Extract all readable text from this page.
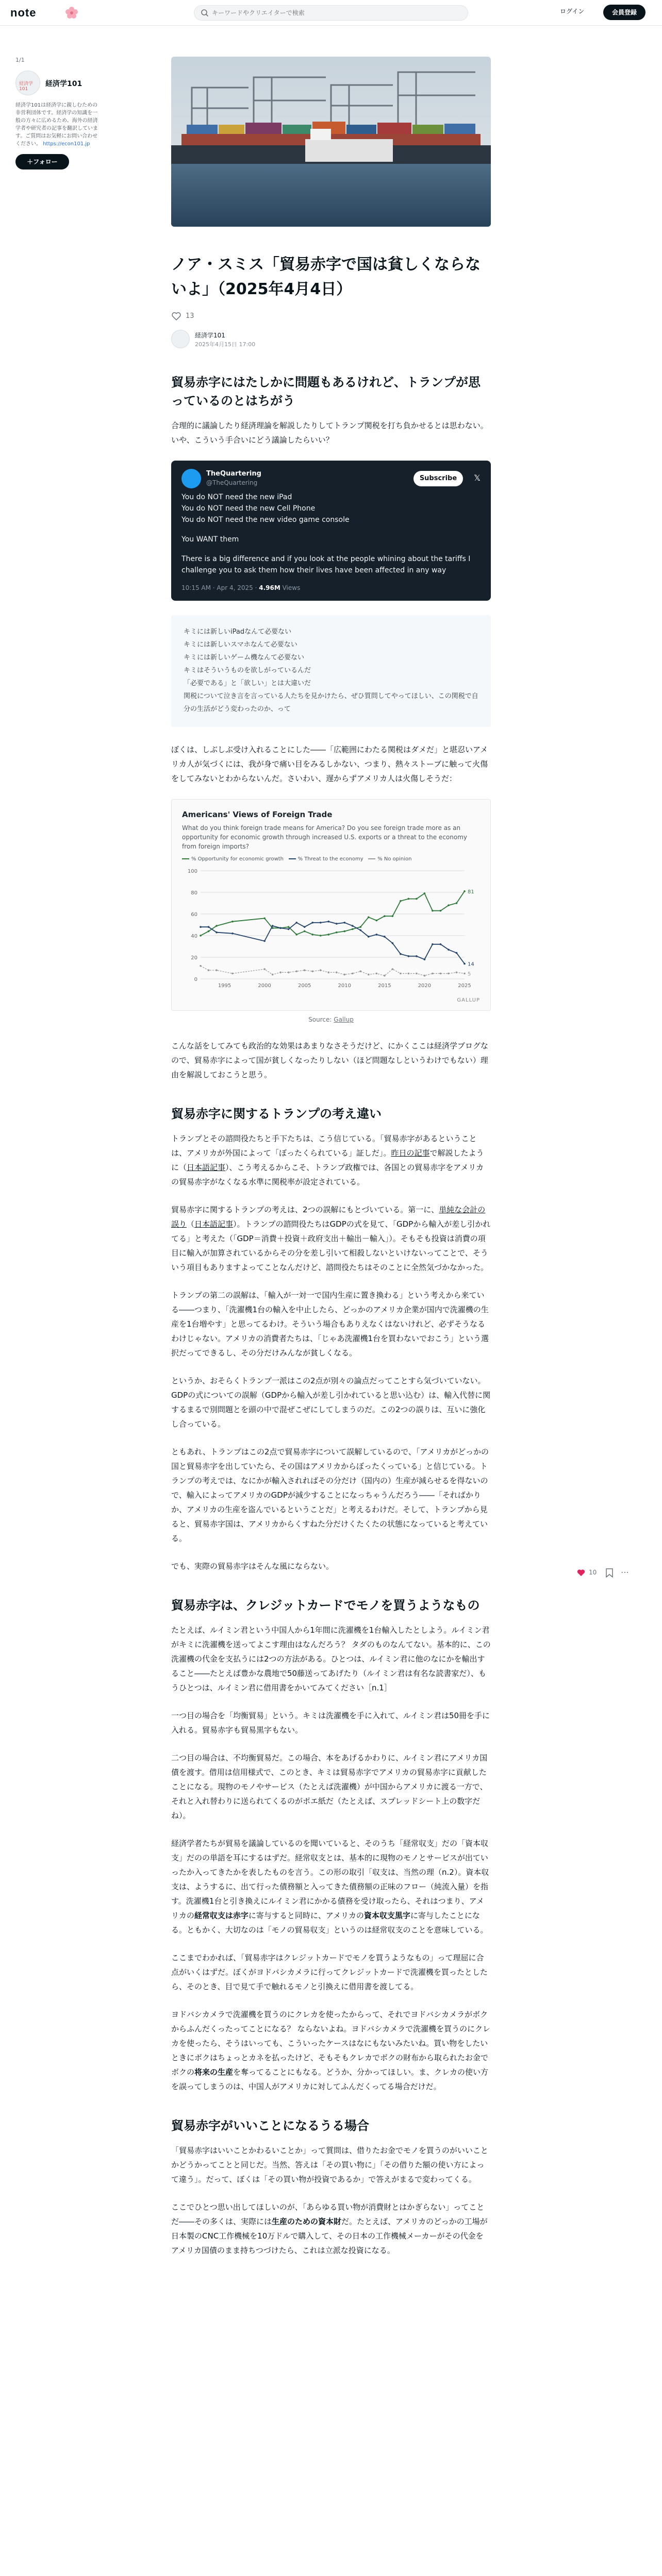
note
キーワードやクリエイターで検索	ログイン	会員登録
1/1
経済学101
経済学101
経済学101は経済学に親しむための非営利団体です。経済学の知識を一般の方々に広めるため、海外の経済学者や研究者の記事を翻訳しています。ご質問はお気軽にお問い合わせください。 https://econ101.jp
＋フォロー
ノア・スミス「貿易赤字で国は貧しくならないよ」（2025年4月4日）
13
経済学101
2025年4月15日 17:00
貿易赤字にはたしかに問題もあるけれど、トランプが思っているのとはちがう

合理的に議論したり経済理論を解説したりしてトランプ関税を打ち負かせるとは思わない。いや、こういう手合いにどう議論したらいい？

TheQuartering
@TheQuartering
Subscribe	𝕏
You do NOT need the new iPad
You do NOT need the new Cell Phone
You do NOT need the new video game console
You WANT them
There is a big difference and if you look at the people whining about the tariffs I challenge you to ask them how their lives have been affected in any way
10:15 AM · Apr 4, 2025 · 4.96M Views
キミには新しいiPadなんて必要ない
キミには新しいスマホなんて必要ない
キミには新しいゲーム機なんて必要ない
キミはそういうものを欲しがっているんだ
「必要である」と「欲しい」とは大違いだ
関税について泣き言を言っている人たちを見かけたら、ぜひ質問してやってほしい、この関税で自分の生活がどう変わったのか、って

ぼくは、しぶしぶ受け入れることにした――「広範囲にわたる関税はダメだ」と堪忍いアメリカ人が気づくには、我が身で痛い目をみるしかない、つまり、熱々ストーブに触って火傷をしてみないとわからないんだ。さいわい、遅からずアメリカ人は火傷しそうだ：

Americans' Views of Foreign Trade
What do you think foreign trade means for America? Do you see foreign trade more as an opportunity for economic growth through increased U.S. exports or a threat to the economy from foreign imports?
% Opportunity for economic growth	% Threat to the economy	% No opinion
0
20
40
60
80
100
1995	2000	2005	2010	2015	2020	2025
81
14
5
GALLUP
Source: Gallup

こんな話をしてみても政治的な効果はあまりなさそうだけど、にかくここは経済学ブログなので、貿易赤字によって国が貧しくなったりしない（ほど問題なしというわけでもない）理由を解説しておこうと思う。

貿易赤字に関するトランプの考え違い

トランプとその諮問役たちと手下たちは、こう信じている。「貿易赤字があるということは、アメリカが外国によって「ぼったくられている」証しだ」。昨日の記事で解説したように（日本語記事）、こう考えるからこそ、トランプ政権では、各国との貿易赤字をアメリカの貿易赤字がなくなる水準に関税率が設定されている。

貿易赤字に関するトランプの考えは、2つの誤解にもとづいている。第一に、単純な会計の誤り（日本語記事）。トランプの諮問役たちはGDPの式を見て、「GDPから輸入が差し引かれてる」と考えた（「GDP＝消費＋投資＋政府支出＋輸出－輸入」）。そもそも投資は消費の項目に輸入が加算されているからその分を差し引いて相殺しないといけないってことで、そういう項目もありますよってことなんだけど、諮問役たちはそのことに全然気づかなかった。

トランプの第二の誤解は、「輸入が一対一で国内生産に置き換わる」という考えから来ている――つまり、「洗濯機1台の輸入を中止したら、どっかのアメリカ企業が国内で洗濯機の生産を1台増やす」と思ってるわけ。そういう場合もありえなくはないけれど、必ずそうなるわけじゃない。アメリカの消費者たちは、「じゃあ洗濯機1台を買わないでおこう」という選択だってできるし、その分だけみんなが貧しくなる。

というか、おそらくトランプ一派はこの2点が別々の論点だってことすら気づいていない。GDPの式についての誤解（GDPから輸入が差し引かれていると思い込む）は、輸入代替に関するまるで別問題とを頭の中で混ぜこぜにしてしまうのだ。この2つの誤りは、互いに強化し合っている。

ともあれ、トランプはこの2点で貿易赤字について誤解しているので、「アメリカがどっかの国と貿易赤字を出していたら、その国はアメリカからぼったくっている」と信じている。トランプの考えでは、なにかが輸入されればその分だけ（国内の）生産が減らせるを得ないので、輸入によってアメリカのGDPが減少することになっちゃうんだろう――「そればかりか、アメリカの生産を盗んでいるということだ」と考えるわけだ。そして、トランプから見ると、貿易赤字国は、アメリカからくすねた分だけくたくたの状態になっていると考えている。

でも、実際の貿易赤字はそんな風にならない。

貿易赤字は、クレジットカードでモノを買うようなもの

たとえば、ルイミン君という中国人から1年間に洗濯機を1台輸入したとしよう。ルイミン君がキミに洗濯機を送ってよこす理由はなんだろう？ タダのものなんてない。基本的に、この洗濯機の代金を支払うには2つの方法がある。ひとつは、ルイミン君に他のなにかを輸出すること――たとえば豊かな農地で50藤送ってあげたり（ルイミン君は有名な読書家だ）、もうひとつは、ルイミン君に借用書をかいてみてください［n.1］

一つ目の場合を「均衡貿易」という。キミは洗濯機を手に入れて、ルイミン君は50冊を手に入れる。貿易赤字も貿易黒字もない。

二つ目の場合は、不均衡貿易だ。この場合、本をあげるかわりに、ルイミン君にアメリカ国債を渡す。借用は信用様式で、このとき、キミは貿易赤字でアメリカの貿易赤字に貢献したことになる。現物のモノやサービス（たとえば洗濯機）が中国からアメリカに渡る一方で、それと入れ替わりに送られてくるのがポエ紙だ（たとえば、スプレッドシート上の数字だね）。

経済学者たちが貿易を議論しているのを聞いていると、そのうち「経常収支」だの「資本収支」だのの単語を耳にするはずだ。経常収支とは、基本的に現物のモノとサービスが出ていったか入ってきたかを表したものを言う。この形の取引「収支は、当然の理（n.2）。資本収支は、ようするに、出て行った債務額と入ってきた債務額の正味のフロー（純流入量）を指す。洗濯機1台と引き換えにルイミン君にかかる債務を受け取ったら、それはつまり、アメリカの経常収支は赤字に寄与すると同時に、アメリカの資本収支黒字に寄与したことになる。ともかく、大切なのは「モノの貿易収支」というのは経常収支のことを意味している。

ここまでわかれば、「貿易赤字はクレジットカードでモノを買うようなもの」って理屈に合点がいくはずだ。ぼくがヨドバシカメラに行ってクレジットカードで洗濯機を買ったとしたら、そのとき、目で見て手で触れるモノと引換えに借用書を渡してる。

ヨドバシカメラで洗濯機を買うのにクレカを使ったからって、それでヨドバシカメラがボクからふんだくったってことになる？ ならないよね。ヨドバシカメラで洗濯機を買うのにクレカを使ったら、そうはいっても、こういったケースはなにもないみたいね。買い物をしたいときにボクはちょっとカネを払ったけど、そもそもクレカでボクの財布から取られたお金でボクの将来の生産を奪ってることにもなる。どうか、分かってほしい。ま、クレカの使い方を誤ってしまうのは、中国人がアメリカに対してふんだくってる場合だけだ。

貿易赤字がいいことになるうる場合

「貿易赤字はいいことかわるいことか」って質問は、借りたお金でモノを買うのがいいことかどうかってことと同じだ。当然、答えは「その買い物に」「その借りた額の使い方によって違う」。だって、ぼくは「その買い物が投資であるか」で答えがまるで変わってくる。

ここでひとつ思い出してほしいのが、「あらゆる買い物が消費財とはかぎらない」ってことだ――その多くは、実際には生産のための資本財だ。たとえば、アメリカのどっかの工場が日本製のCNC工作機械を10万ドルで購入して、その日本の工作機械メーカーがその代金をアメリカ国債のまま持ちつづけたら、これは立派な投資になる。

10	⋯
